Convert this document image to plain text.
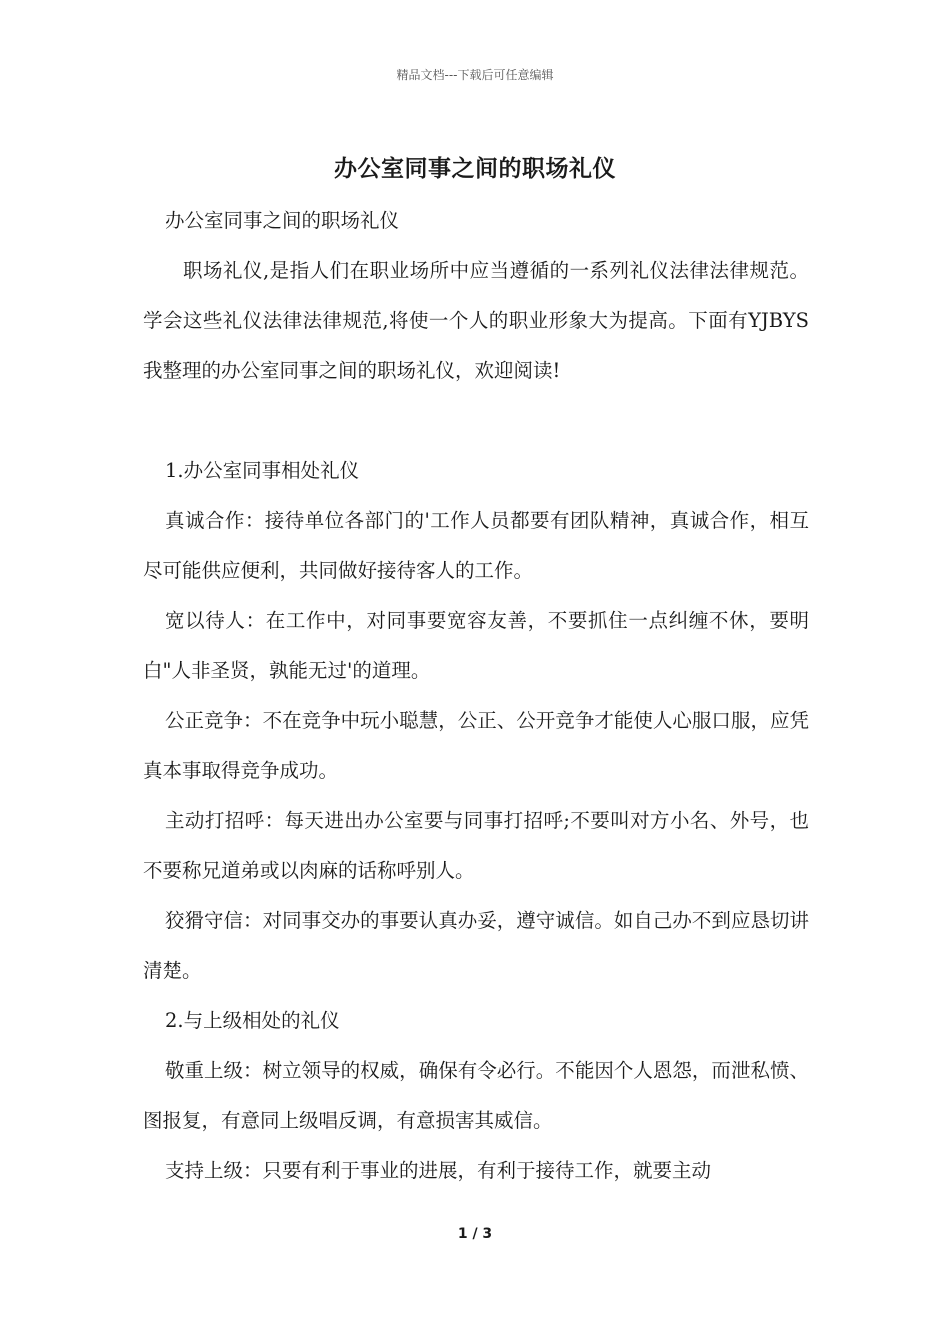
精品文档---下载后可任意编辑
办公室同事之间的职场礼仪

办公室同事之间的职场礼仪

职场礼仪,是指人们在职业场所中应当遵循的一系列礼仪法律法律规范。学会这些礼仪法律法律规范,将使一个人的职业形象大为提高。下面有YJBYS我整理的办公室同事之间的职场礼仪，欢迎阅读!

1.办公室同事相处礼仪

真诚合作：接待单位各部门的'工作人员都要有团队精神，真诚合作，相互尽可能供应便利，共同做好接待客人的工作。

宽以待人：在工作中，对同事要宽容友善，不要抓住一点纠缠不休，要明白"人非圣贤，孰能无过'的道理。

公正竞争：不在竞争中玩小聪慧，公正、公开竞争才能使人心服口服，应凭真本事取得竞争成功。

主动打招呼：每天进出办公室要与同事打招呼;不要叫对方小名、外号，也不要称兄道弟或以肉麻的话称呼别人。

狡猾守信：对同事交办的事要认真办妥，遵守诚信。如自己办不到应恳切讲清楚。

2.与上级相处的礼仪

敬重上级：树立领导的权威，确保有令必行。不能因个人恩怨，而泄私愤、图报复，有意同上级唱反调，有意损害其威信。

支持上级：只要有利于事业的进展，有利于接待工作，就要主动

1 / 3
